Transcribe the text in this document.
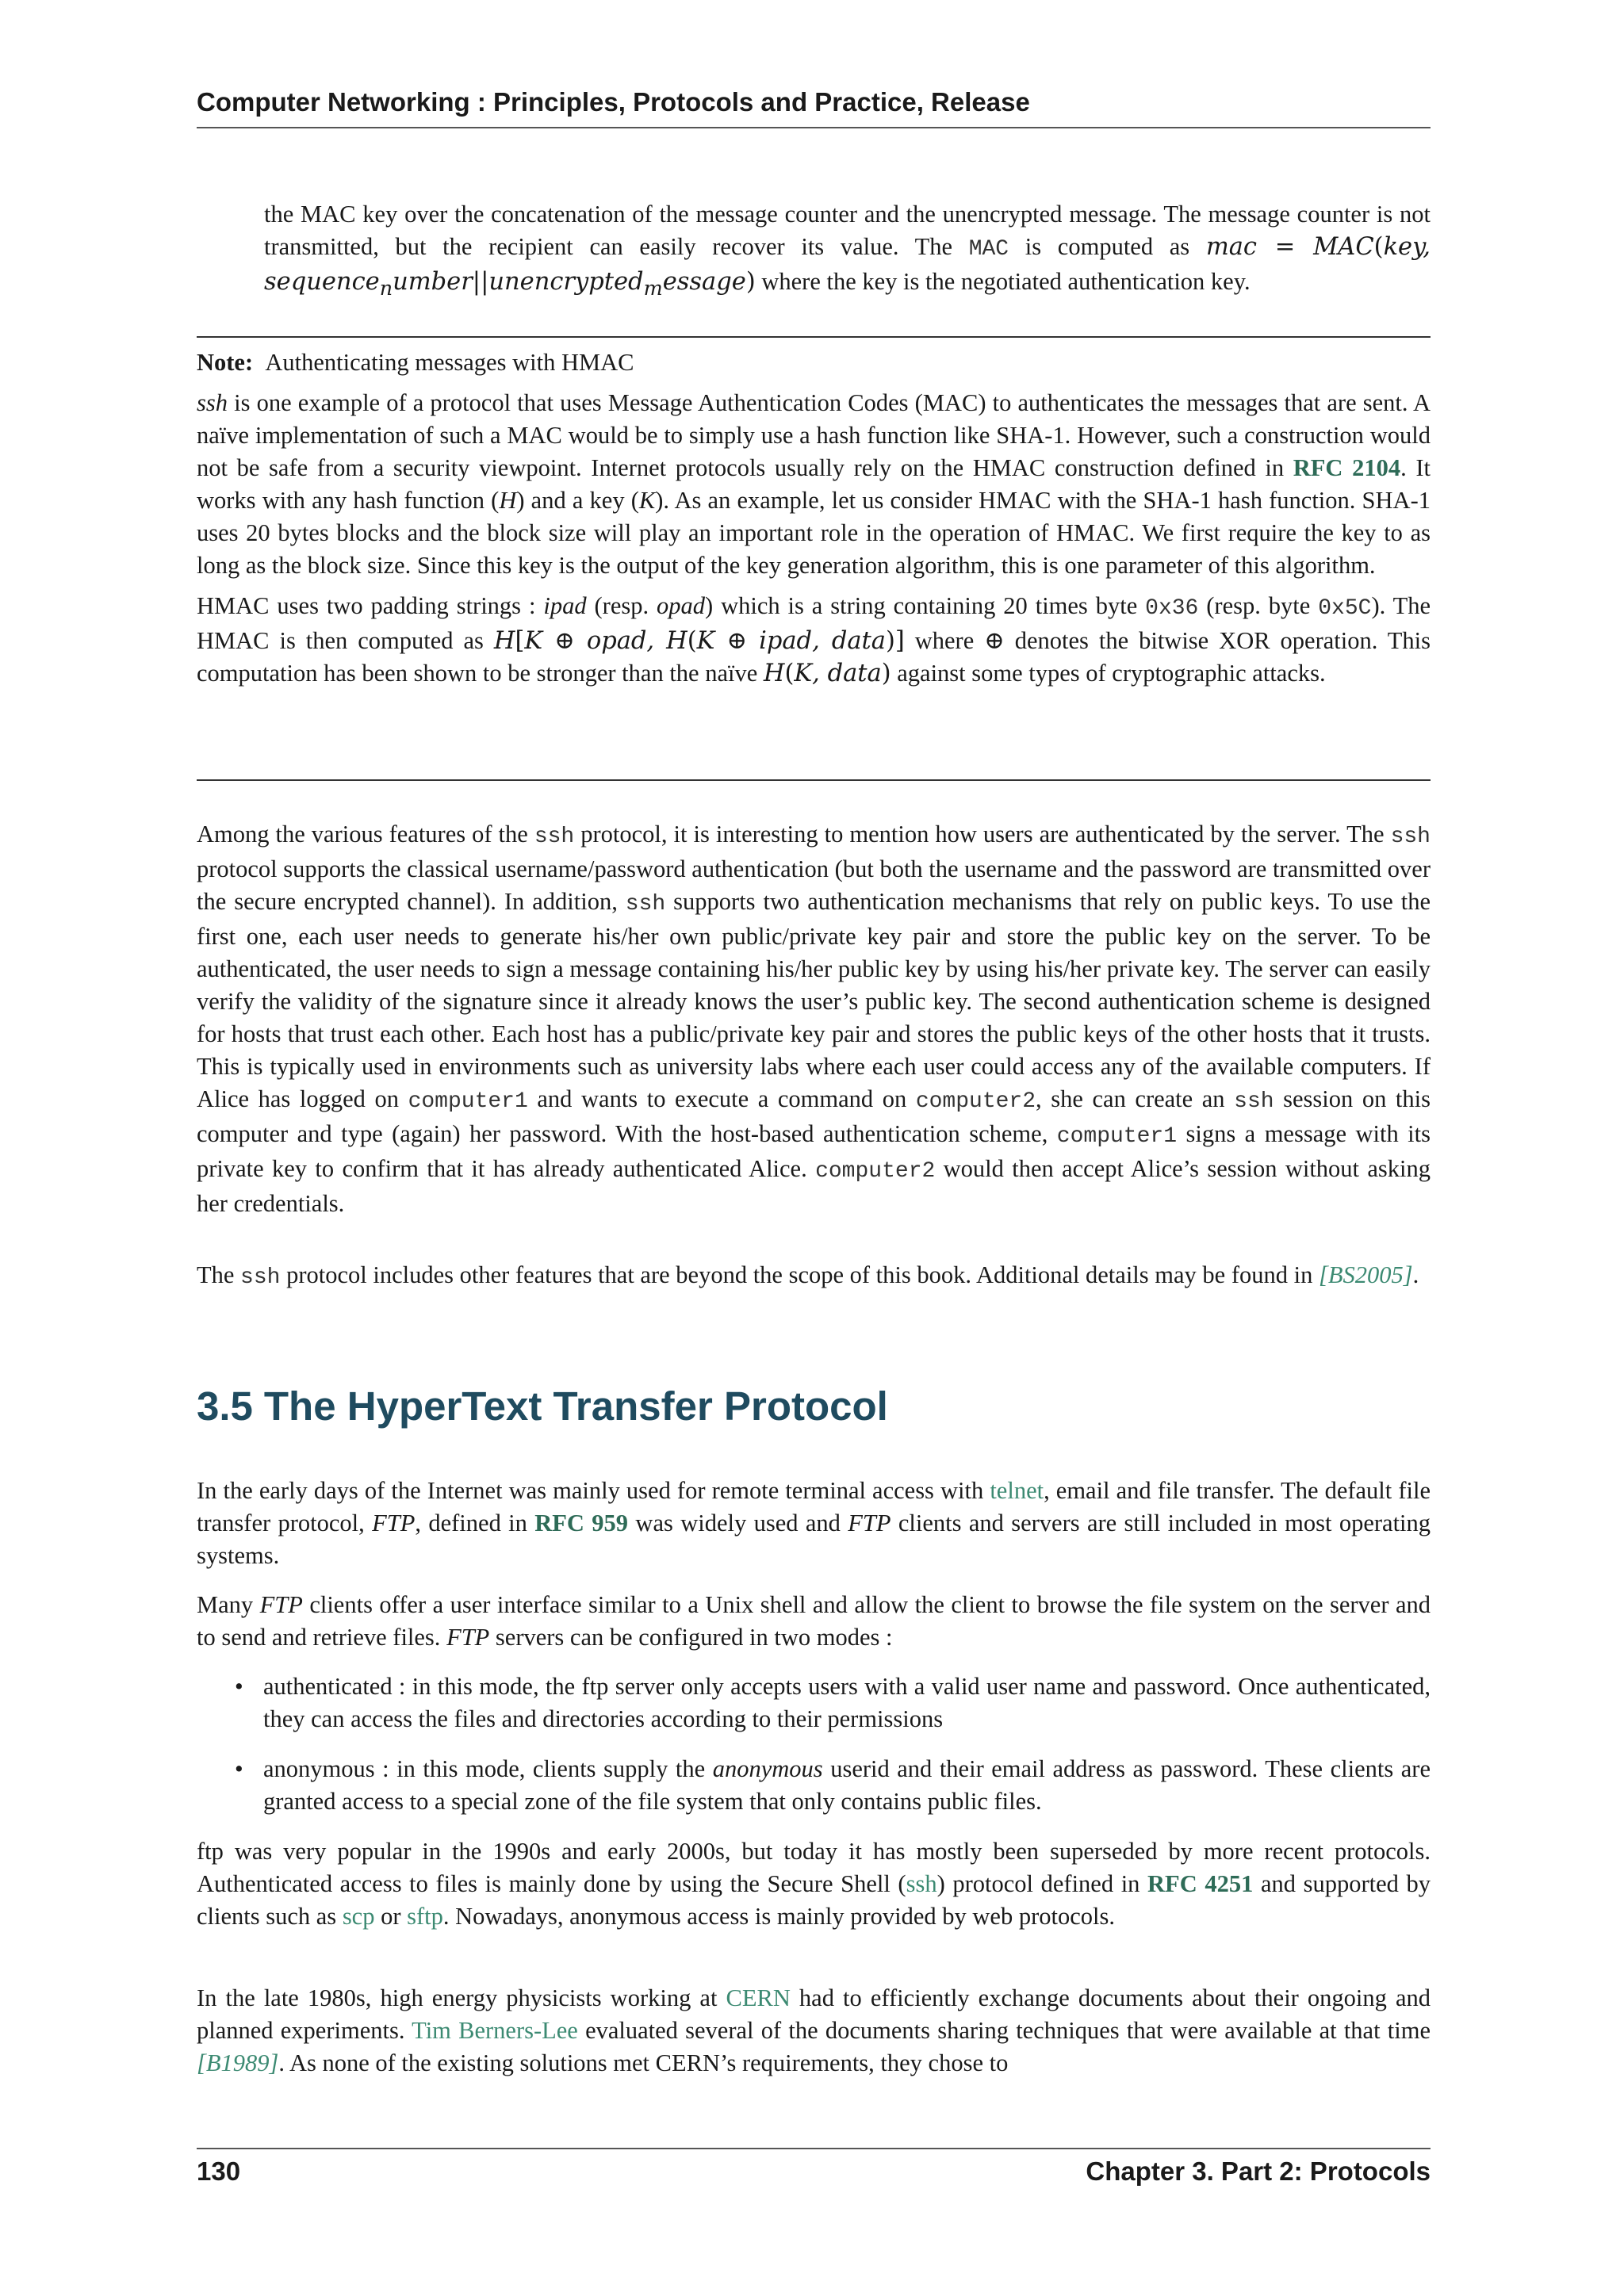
Computer Networking : Principles, Protocols and Practice, Release

the MAC key over the concatenation of the message counter and the unencrypted message. The message counter is not transmitted, but the recipient can easily recover its value. The MAC is computed as mac = MAC(key, sequence$_n$umber||unencrypted$_m$essage) where the key is the negotiated authentication key.

Note: Authenticating messages with HMAC

ssh is one example of a protocol that uses Message Authentication Codes (MAC) to authenticates the messages that are sent. A naïve implementation of such a MAC would be to simply use a hash function like SHA-1. However, such a construction would not be safe from a security viewpoint. Internet protocols usually rely on the HMAC construction defined in RFC 2104. It works with any hash function (H) and a key (K). As an example, let us consider HMAC with the SHA-1 hash function. SHA-1 uses 20 bytes blocks and the block size will play an important role in the operation of HMAC. We first require the key to as long as the block size. Since this key is the output of the key generation algorithm, this is one parameter of this algorithm.

HMAC uses two padding strings : ipad (resp. opad) which is a string containing 20 times byte 0x36 (resp. byte 0x5C). The HMAC is then computed as H[K ⊕ opad, H(K ⊕ ipad, data)] where ⊕ denotes the bitwise XOR operation. This computation has been shown to be stronger than the naïve H(K, data) against some types of cryptographic attacks.

Among the various features of the ssh protocol, it is interesting to mention how users are authenticated by the server. The ssh protocol supports the classical username/password authentication (but both the username and the password are transmitted over the secure encrypted channel). In addition, ssh supports two authentication mechanisms that rely on public keys. To use the first one, each user needs to generate his/her own public/private key pair and store the public key on the server. To be authenticated, the user needs to sign a message containing his/her public key by using his/her private key. The server can easily verify the validity of the signature since it already knows the user’s public key. The second authentication scheme is designed for hosts that trust each other. Each host has a public/private key pair and stores the public keys of the other hosts that it trusts. This is typically used in environments such as university labs where each user could access any of the available computers. If Alice has logged on computer1 and wants to execute a command on computer2, she can create an ssh session on this computer and type (again) her password. With the host-based authentication scheme, computer1 signs a message with its private key to confirm that it has already authenticated Alice. computer2 would then accept Alice’s session without asking her credentials.

The ssh protocol includes other features that are beyond the scope of this book. Additional details may be found in [BS2005].

3.5 The HyperText Transfer Protocol

In the early days of the Internet was mainly used for remote terminal access with telnet, email and file transfer. The default file transfer protocol, FTP, defined in RFC 959 was widely used and FTP clients and servers are still included in most operating systems.

Many FTP clients offer a user interface similar to a Unix shell and allow the client to browse the file system on the server and to send and retrieve files. FTP servers can be configured in two modes :

• authenticated : in this mode, the ftp server only accepts users with a valid user name and password. Once authenticated, they can access the files and directories according to their permissions
• anonymous : in this mode, clients supply the anonymous userid and their email address as password. These clients are granted access to a special zone of the file system that only contains public files.

ftp was very popular in the 1990s and early 2000s, but today it has mostly been superseded by more recent protocols. Authenticated access to files is mainly done by using the Secure Shell (ssh) protocol defined in RFC 4251 and supported by clients such as scp or sftp. Nowadays, anonymous access is mainly provided by web protocols.

In the late 1980s, high energy physicists working at CERN had to efficiently exchange documents about their ongoing and planned experiments. Tim Berners-Lee evaluated several of the documents sharing techniques that were available at that time [B1989]. As none of the existing solutions met CERN’s requirements, they chose to

130	Chapter 3. Part 2: Protocols
